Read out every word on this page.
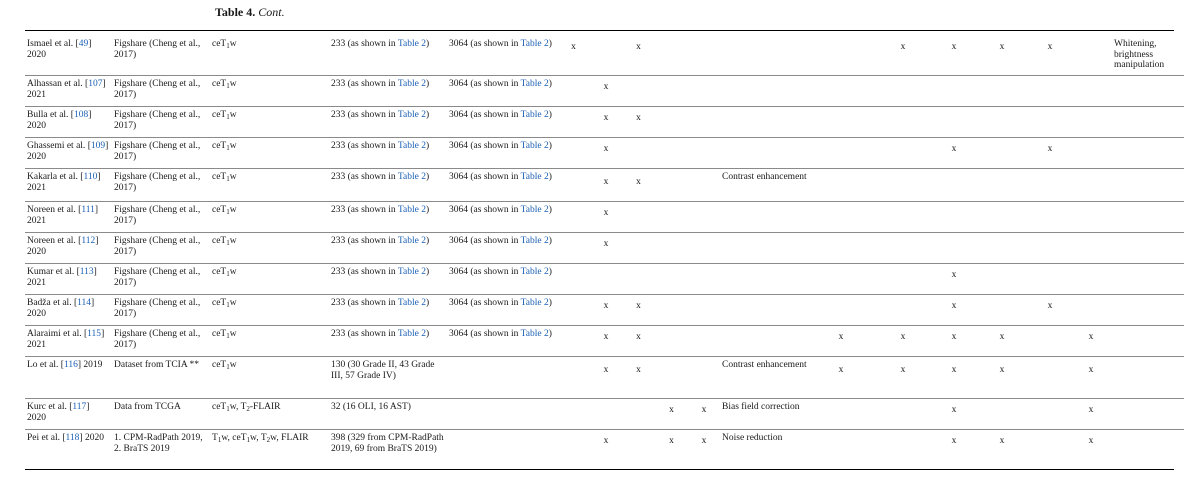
Table 4. Cont.
Ismael et al. [49] 2020	Figshare (Cheng et al., 2017)	ceT$_1$w	233 (as shown in Table 2)	3064 (as shown in Table 2)	x		x					x	x	x	x		Whitening, brightness manipulation
Alhassan et al. [107] 2021	Figshare (Cheng et al., 2017)	ceT$_1$w	233 (as shown in Table 2)	3064 (as shown in Table 2)		x											
Bulla et al. [108] 2020	Figshare (Cheng et al., 2017)	ceT$_1$w	233 (as shown in Table 2)	3064 (as shown in Table 2)		x	x										
Ghassemi et al. [109] 2020	Figshare (Cheng et al., 2017)	ceT$_1$w	233 (as shown in Table 2)	3064 (as shown in Table 2)		x							x		x		
Kakarla et al. [110] 2021	Figshare (Cheng et al., 2017)	ceT$_1$w	233 (as shown in Table 2)	3064 (as shown in Table 2)		x	x			Contrast enhancement							
Noreen et al. [111] 2021	Figshare (Cheng et al., 2017)	ceT$_1$w	233 (as shown in Table 2)	3064 (as shown in Table 2)		x											
Noreen et al. [112] 2020	Figshare (Cheng et al., 2017)	ceT$_1$w	233 (as shown in Table 2)	3064 (as shown in Table 2)		x											
Kumar et al. [113] 2021	Figshare (Cheng et al., 2017)	ceT$_1$w	233 (as shown in Table 2)	3064 (as shown in Table 2)									x				
Badža et al. [114] 2020	Figshare (Cheng et al., 2017)	ceT$_1$w	233 (as shown in Table 2)	3064 (as shown in Table 2)		x	x						x		x		
Alaraimi et al. [115] 2021	Figshare (Cheng et al., 2017)	ceT$_1$w	233 (as shown in Table 2)	3064 (as shown in Table 2)		x	x				x	x	x	x		x	
Lo et al. [116] 2019	Dataset from TCIA **	ceT$_1$w	130 (30 Grade II, 43 Grade III, 57 Grade IV)			x	x			Contrast enhancement	x	x	x	x		x	
Kurc et al. [117] 2020	Data from TCGA	ceT$_1$w, $T_2$-FLAIR	32 (16 OLI, 16 AST)					x	x	Bias field correction			x			x	
Pei et al. [118] 2020	1. CPM-RadPath 2019, 2. BraTS 2019	$T_1w$, ceT$_1$w, $T_2w$, FLAIR	398 (329 from CPM-RadPath 2019, 69 from BraTS 2019)			x		x	x	Noise reduction			x	x		x	
